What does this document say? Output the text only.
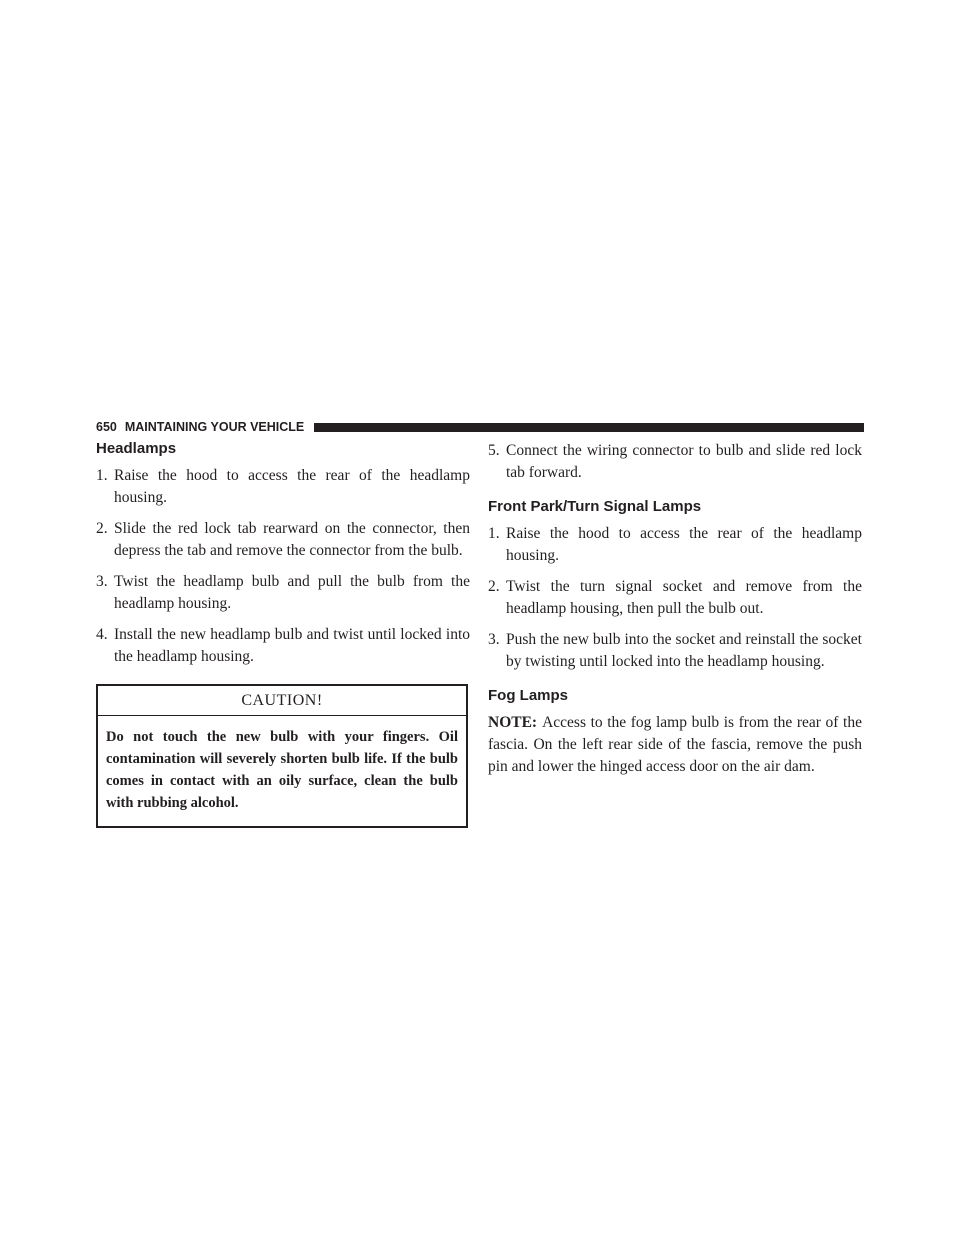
650 MAINTAINING YOUR VEHICLE
Headlamps
1. Raise the hood to access the rear of the headlamp housing.
2. Slide the red lock tab rearward on the connector, then depress the tab and remove the connector from the bulb.
3. Twist the headlamp bulb and pull the bulb from the headlamp housing.
4. Install the new headlamp bulb and twist until locked into the headlamp housing.
CAUTION!
Do not touch the new bulb with your fingers. Oil contamination will severely shorten bulb life. If the bulb comes in contact with an oily surface, clean the bulb with rubbing alcohol.
5. Connect the wiring connector to bulb and slide red lock tab forward.
Front Park/Turn Signal Lamps
1. Raise the hood to access the rear of the headlamp housing.
2. Twist the turn signal socket and remove from the headlamp housing, then pull the bulb out.
3. Push the new bulb into the socket and reinstall the socket by twisting until locked into the headlamp housing.
Fog Lamps

NOTE: Access to the fog lamp bulb is from the rear of the fascia. On the left rear side of the fascia, remove the push pin and lower the hinged access door on the air dam.
